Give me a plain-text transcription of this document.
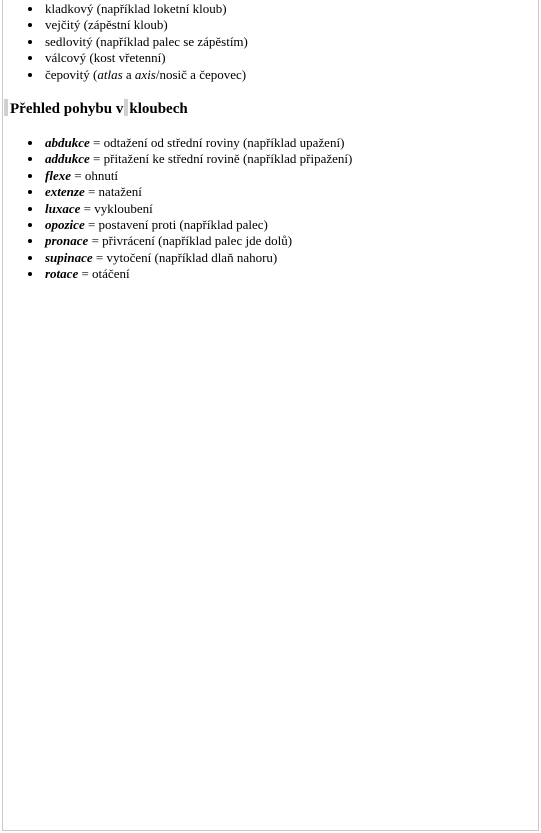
kladkový (například loketní kloub)
vejčitý (zápěstní kloub)
sedlovitý (například palec se zápěstím)
válcový (kost vřetenní)
čepovitý (atlas a axis/nosič a čepovec)
Přehled pohybu v kloubech
abdukce = odtažení od střední roviny (například upažení)
addukce = přitažení ke střední rovině (například připažení)
flexe = ohnutí
extenze = natažení
luxace = vykloubení
opozice = postavení proti (například palec)
pronace = přivrácení (například palec jde dolů)
supinace = vytočení (například dlaň nahoru)
rotace = otáčení
